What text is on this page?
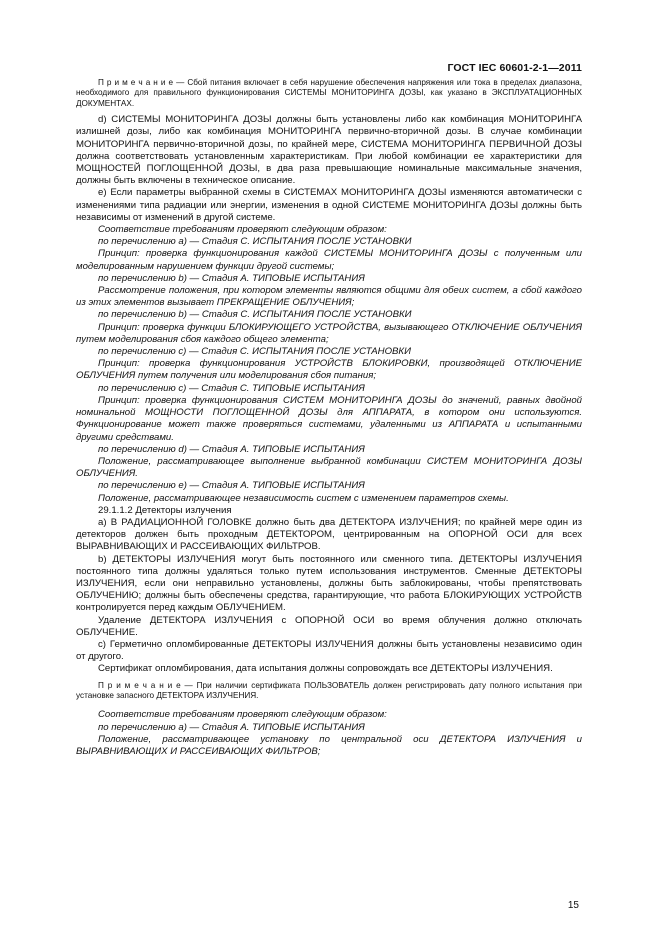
ГОСТ IEC 60601-2-1—2011

П р и м е ч а н и е — Сбой питания включает в себя нарушение обеспечения напряжения или тока в пределах диапазона, необходимого для правильного функционирования СИСТЕМЫ МОНИТОРИНГА ДОЗЫ, как указано в ЭКСПЛУАТАЦИОННЫХ ДОКУМЕНТАХ.

d) СИСТЕМЫ МОНИТОРИНГА ДОЗЫ должны быть установлены либо как комбинация МОНИТОРИНГА излишней дозы, либо как комбинация МОНИТОРИНГА первично-вторичной дозы. В случае комбинации МОНИТОРИНГА первично-вторичной дозы, по крайней мере, СИСТЕМА МОНИТОРИНГА ПЕРВИЧНОЙ ДОЗЫ должна соответствовать установленным характеристикам. При любой комбинации ее характеристики для МОЩНОСТЕЙ ПОГЛОЩЕННОЙ ДОЗЫ, в два раза превышающие номинальные максимальные значения, должны быть включены в техническое описание.

е) Если параметры выбранной схемы в СИСТЕМАХ МОНИТОРИНГА ДОЗЫ изменяются автоматически с изменениями типа радиации или энергии, изменения в одной СИСТЕМЕ МОНИТОРИНГА ДОЗЫ должны быть независимы от изменений в другой системе.

Соответствие требованиям проверяют следующим образом:

по перечислению а) — Стадия С. ИСПЫТАНИЯ ПОСЛЕ УСТАНОВКИ

Принцип: проверка функционирования каждой СИСТЕМЫ МОНИТОРИНГА ДОЗЫ с полученным или моделированным нарушением функции другой системы;

по перечислению b) — Стадия А. ТИПОВЫЕ ИСПЫТАНИЯ

Рассмотрение положения, при котором элементы являются общими для обеих систем, а сбой каждого из этих элементов вызывает ПРЕКРАЩЕНИЕ ОБЛУЧЕНИЯ;

по перечислению b) — Стадия С. ИСПЫТАНИЯ ПОСЛЕ УСТАНОВКИ

Принцип: проверка функции БЛОКИРУЮЩЕГО УСТРОЙСТВА, вызывающего ОТКЛЮЧЕНИЕ ОБЛУЧЕНИЯ путем моделирования сбоя каждого общего элемента;

по перечислению с) — Стадия С. ИСПЫТАНИЯ ПОСЛЕ УСТАНОВКИ

Принцип: проверка функционирования УСТРОЙСТВ БЛОКИРОВКИ, производящей ОТКЛЮЧЕНИЕ ОБЛУЧЕНИЯ путем получения или моделирования сбоя питания;

по перечислению с) — Стадия С. ТИПОВЫЕ ИСПЫТАНИЯ

Принцип: проверка функционирования СИСТЕМ МОНИТОРИНГА ДОЗЫ до значений, равных двойной номинальной МОЩНОСТИ ПОГЛОЩЕННОЙ ДОЗЫ для АППАРАТА, в котором они используются. Функционирование может также проверяться системами, удаленными из АППАРАТА и испытанными другими средствами.

по перечислению d) — Стадия А. ТИПОВЫЕ ИСПЫТАНИЯ

Положение, рассматривающее выполнение выбранной комбинации СИСТЕМ МОНИТОРИНГА ДОЗЫ ОБЛУЧЕНИЯ.

по перечислению е) — Стадия А. ТИПОВЫЕ ИСПЫТАНИЯ

Положение, рассматривающее независимость систем с изменением параметров схемы.

29.1.1.2 Детекторы излучения

а) В РАДИАЦИОННОЙ ГОЛОВКЕ должно быть два ДЕТЕКТОРА ИЗЛУЧЕНИЯ; по крайней мере один из детекторов должен быть проходным ДЕТЕКТОРОМ, центрированным на ОПОРНОЙ ОСИ для всех ВЫРАВНИВАЮЩИХ И РАССЕИВАЮЩИХ ФИЛЬТРОВ.

b) ДЕТЕКТОРЫ ИЗЛУЧЕНИЯ могут быть постоянного или сменного типа. ДЕТЕКТОРЫ ИЗЛУЧЕНИЯ постоянного типа должны удаляться только путем использования инструментов. Сменные ДЕТЕКТОРЫ ИЗЛУЧЕНИЯ, если они неправильно установлены, должны быть заблокированы, чтобы препятствовать ОБЛУЧЕНИЮ; должны быть обеспечены средства, гарантирующие, что работа БЛОКИРУЮЩИХ УСТРОЙСТВ контролируется перед каждым ОБЛУЧЕНИЕМ.

Удаление ДЕТЕКТОРА ИЗЛУЧЕНИЯ с ОПОРНОЙ ОСИ во время облучения должно отключать ОБЛУЧЕНИЕ.

с) Герметично опломбированные ДЕТЕКТОРЫ ИЗЛУЧЕНИЯ должны быть установлены независимо один от другого.

Сертификат опломбирования, дата испытания должны сопровождать все ДЕТЕКТОРЫ ИЗЛУЧЕНИЯ.

П р и м е ч а н и е — При наличии сертификата ПОЛЬЗОВАТЕЛЬ должен регистрировать дату полного испытания при установке запасного ДЕТЕКТОРА ИЗЛУЧЕНИЯ.

Соответствие требованиям проверяют следующим образом:

по перечислению а) — Стадия А. ТИПОВЫЕ ИСПЫТАНИЯ

Положение, рассматривающее установку по центральной оси ДЕТЕКТОРА ИЗЛУЧЕНИЯ и ВЫРАВНИВАЮЩИХ И РАССЕИВАЮЩИХ ФИЛЬТРОВ;

15
